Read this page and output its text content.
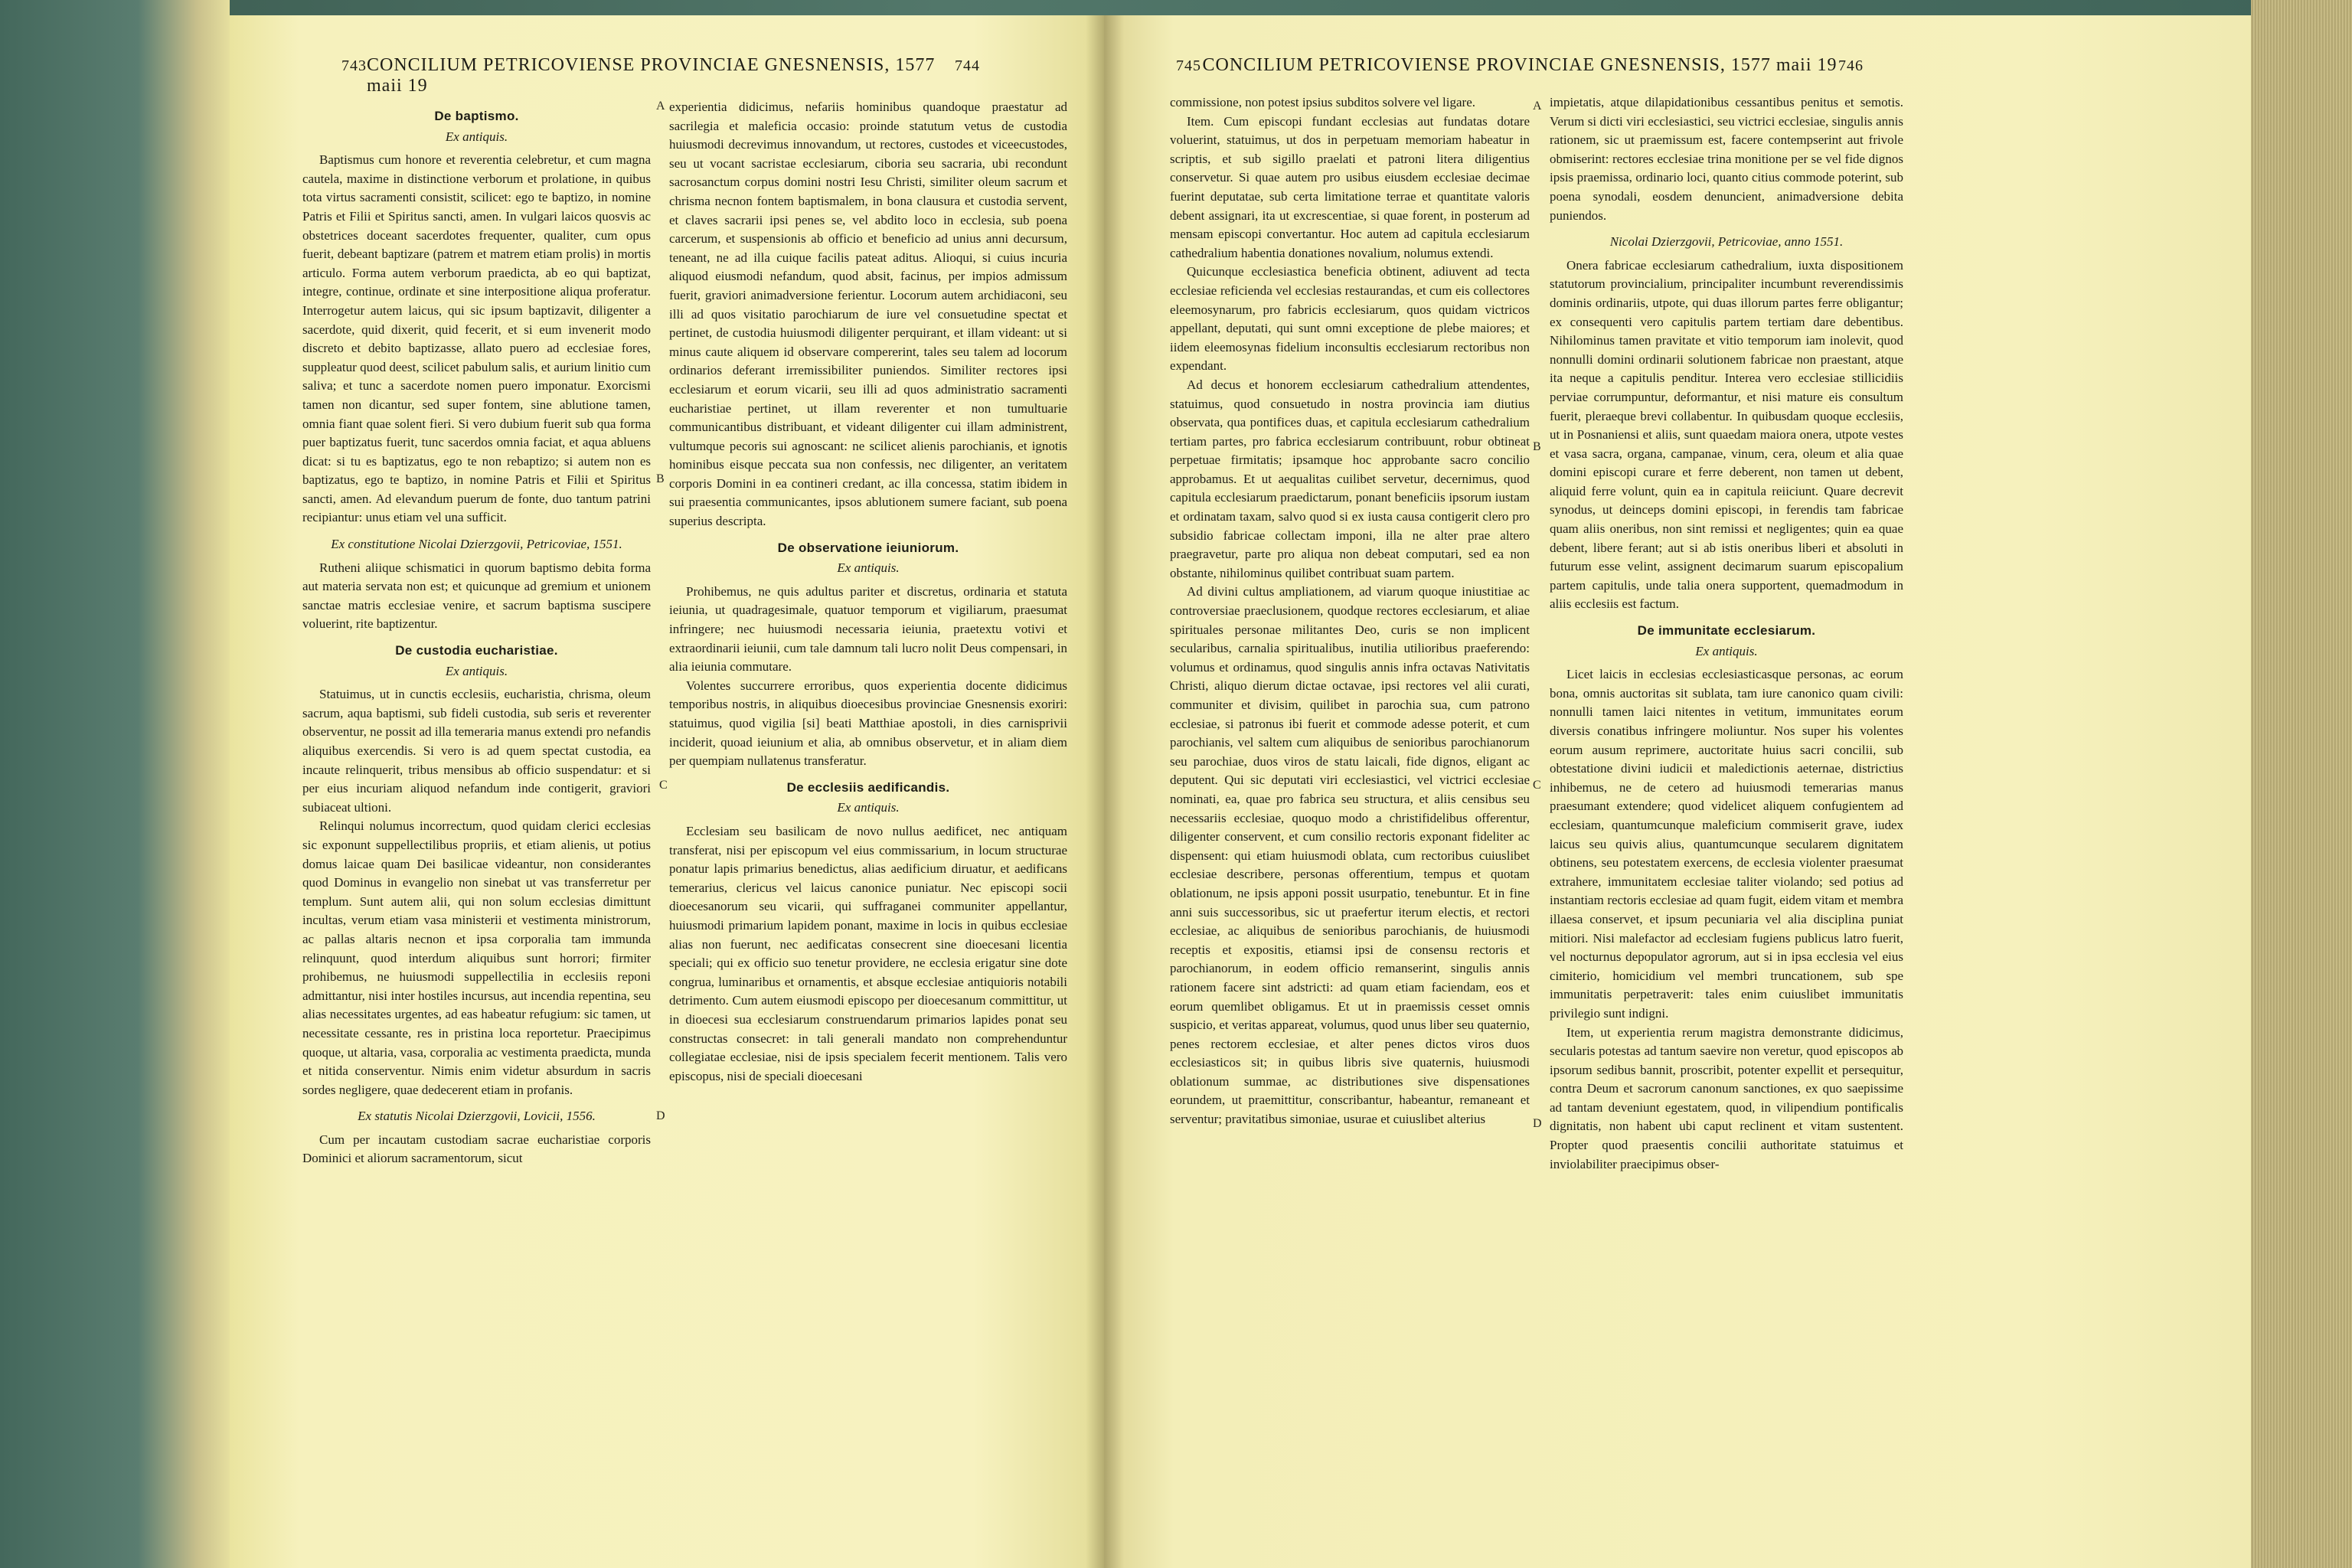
743 CONCILIUM PETRICOVIENSE PROVINCIAE GNESNENSIS, 1577 maii 19
744	745 CONCILIUM PETRICOVIENSE PROVINCIAE GNESNENSIS, 1577 maii 19 746
De baptismo.
Ex antiquis.

Baptismus cum honore et reverentia celebretur, et cum magna cautela, maxime in distinctione verborum et prolatione, in quibus tota virtus sacramenti consistit, scilicet: ego te baptizo, in nomine Patris et Filii et Spiritus sancti, amen. In vulgari laicos quosvis ac obstetrices doceant sacerdotes frequenter, qualiter, cum opus fuerit, debeant baptizare (patrem et matrem etiam prolis) in mortis articulo. Forma autem verborum praedicta, ab eo qui baptizat, integre, continue, ordinate et sine interpositione aliqua proferatur. Interrogetur autem laicus, qui sic ipsum baptizavit, diligenter a sacerdote, quid dixerit, quid fecerit, et si eum invenerit modo discreto et debito baptizasse, allato puero ad ecclesiae fores, suppleatur quod deest, scilicet pabulum salis, et aurium linitio cum saliva; et tunc a sacerdote nomen puero imponatur. Exorcismi tamen non dicantur, sed super fontem, sine ablutione tamen, omnia fiant quae solent fieri. Si vero dubium fuerit sub qua forma puer baptizatus fuerit, tunc sacerdos omnia faciat, et aqua abluens dicat: si tu es baptizatus, ego te non rebaptizo; si autem non es baptizatus, ego te baptizo, in nomine Patris et Filii et Spiritus sancti, amen. Ad elevandum puerum de fonte, duo tantum patrini recipiantur: unus etiam vel una sufficit.

Ex constitutione Nicolai Dzierzgovii, Petricoviae, 1551.

Rutheni aliique schismatici in quorum baptismo debita forma aut materia servata non est; et quicunque ad gremium et unionem sanctae matris ecclesiae venire, et sacrum baptisma suscipere voluerint, rite baptizentur.

De custodia eucharistiae.
Ex antiquis.

Statuimus, ut in cunctis ecclesiis, eucharistia, chrisma, oleum sacrum, aqua baptismi, sub fideli custodia, sub seris et reverenter observentur, ne possit ad illa temeraria manus extendi pro nefandis aliquibus exercendis. Si vero is ad quem spectat custodia, ea incaute relinquerit, tribus mensibus ab officio suspendatur: et si per eius incuriam aliquod nefandum inde contigerit, graviori subiaceat ultioni.

Relinqui nolumus incorrectum, quod quidam clerici ecclesias sic exponunt suppellectilibus propriis, et etiam alienis, ut potius domus laicae quam Dei basilicae videantur, non considerantes quod Dominus in evangelio non sinebat ut vas transferretur per templum. Sunt autem alii, qui non solum ecclesias dimittunt incultas, verum etiam vasa ministerii et vestimenta ministrorum, ac pallas altaris necnon et ipsa corporalia tam immunda relinquunt, quod interdum aliquibus sunt horrori; firmiter prohibemus, ne huiusmodi suppellectilia in ecclesiis reponi admittantur, nisi inter hostiles incursus, aut incendia repentina, seu alias necessitates urgentes, ad eas habeatur refugium: sic tamen, ut necessitate cessante, res in pristina loca reportetur. Praecipimus quoque, ut altaria, vasa, corporalia ac vestimenta praedicta, munda et nitida conserventur. Nimis enim videtur absurdum in sacris sordes negligere, quae dedecerent etiam in profanis.

Ex statutis Nicolai Dzierzgovii, Lovicii, 1556.

Cum per incautam custodiam sacrae eucharistiae corporis Dominici et aliorum sacramentorum, sicut

A
B
C
D

experientia didicimus, nefariis hominibus quandoque praestatur ad sacrilegia et maleficia occasio: proinde statutum vetus de custodia huiusmodi decrevimus innovandum, ut rectores, custodes et viceecustodes, seu ut vocant sacristae ecclesiarum, ciboria seu sacraria, ubi recondunt sacrosanctum corpus domini nostri Iesu Christi, similiter oleum sacrum et chrisma necnon fontem baptismalem, in bona clausura et custodia servent, et claves sacrarii ipsi penes se, vel abdito loco in ecclesia, sub poena carcerum, et suspensionis ab officio et beneficio ad unius anni decursum, teneant, ne ad illa cuique facilis pateat aditus. Alioqui, si cuius incuria aliquod eiusmodi nefandum, quod absit, facinus, per impios admissum fuerit, graviori animadversione ferientur. Locorum autem archidiaconi, seu illi ad quos visitatio parochiarum de iure vel consuetudine spectat et pertinet, de custodia huiusmodi diligenter perquirant, et illam videant: ut si minus caute aliquem id observare compererint, tales seu talem ad locorum ordinarios deferant irremissibiliter puniendos. Similiter rectores ipsi ecclesiarum et eorum vicarii, seu illi ad quos administratio sacramenti eucharistiae pertinet, ut illam reverenter et non tumultuarie communicantibus distribuant, et videant diligenter cui illam administrent, vultumque pecoris sui agnoscant: ne scilicet alienis parochianis, et ignotis hominibus eisque peccata sua non confessis, nec diligenter, an veritatem corporis Domini in ea contineri credant, ac illa concessa, statim ibidem in sui praesentia communicantes, ipsos ablutionem sumere faciant, sub poena superius descripta.

De observatione ieiuniorum.
Ex antiquis.

Prohibemus, ne quis adultus pariter et discretus, ordinaria et statuta ieiunia, ut quadragesimale, quatuor temporum et vigiliarum, praesumat infringere; nec huiusmodi necessaria ieiunia, praetextu votivi et extraordinarii ieiunii, cum tale damnum tali lucro nolit Deus compensari, in alia ieiunia commutare.

Volentes succurrere erroribus, quos experientia docente didicimus temporibus nostris, in aliquibus dioecesibus provinciae Gnesnensis exoriri: statuimus, quod vigilia [si] beati Matthiae apostoli, in dies carnisprivii inciderit, quoad ieiunium et alia, ab omnibus observetur, et in aliam diem per quempiam nullatenus transferatur.

De ecclesiis aedificandis.
Ex antiquis.

Ecclesiam seu basilicam de novo nullus aedificet, nec antiquam transferat, nisi per episcopum vel eius commissarium, in locum structurae ponatur lapis primarius benedictus, alias aedificium diruatur, et aedificans temerarius, clericus vel laicus canonice puniatur. Nec episcopi socii dioecesanorum seu vicarii, qui suffraganei communiter appellantur, huiusmodi primarium lapidem ponant, maxime in locis in quibus ecclesiae alias non fuerunt, nec aedificatas consecrent sine dioecesani licentia speciali; qui ex officio suo tenetur providere, ne ecclesia erigatur sine dote congrua, luminaribus et ornamentis, et absque ecclesiae antiquioris notabili detrimento. Cum autem eiusmodi episcopo per dioecesanum committitur, ut in dioecesi sua ecclesiarum construendarum primarios lapides ponat seu constructas consecret: in tali generali mandato non comprehenduntur collegiatae ecclesiae, nisi de ipsis specialem fecerit mentionem. Talis vero episcopus, nisi de speciali dioecesani

commissione, non potest ipsius subditos solvere vel ligare.

Item. Cum episcopi fundant ecclesias aut fundatas dotare voluerint, statuimus, ut dos in perpetuam memoriam habeatur in scriptis, et sub sigillo praelati et patroni litera diligentius conservetur. Si quae autem pro usibus eiusdem ecclesiae decimae fuerint deputatae, sub certa limitatione terrae et quantitate valoris debent assignari, ita ut excrescentiae, si quae forent, in posterum ad mensam episcopi convertantur. Hoc autem ad capitula ecclesiarum cathedralium habentia donationes novalium, nolumus extendi.

Quicunque ecclesiastica beneficia obtinent, adiuvent ad tecta ecclesiae reficienda vel ecclesias restaurandas, et cum eis collectores eleemosynarum, pro fabricis ecclesiarum, quos quidam victricos appellant, deputati, qui sunt omni exceptione de plebe maiores; et iidem eleemosynas fidelium inconsultis ecclesiarum rectoribus non expendant.

Ad decus et honorem ecclesiarum cathedralium attendentes, statuimus, quod consuetudo in nostra provincia iam diutius observata, qua pontifices duas, et capitula ecclesiarum cathedralium tertiam partes, pro fabrica ecclesiarum contribuunt, robur obtineat perpetuae firmitatis; ipsamque hoc approbante sacro concilio approbamus. Et ut aequalitas cuilibet servetur, decernimus, quod capitula ecclesiarum praedictarum, ponant beneficiis ipsorum iustam et ordinatam taxam, salvo quod si ex iusta causa contigerit clero pro subsidio fabricae collectam imponi, illa ne alter prae altero praegravetur, parte pro aliqua non debeat computari, sed ea non obstante, nihilominus quilibet contribuat suam partem.

Ad divini cultus ampliationem, ad viarum quoque iniustitiae ac controversiae praeclusionem, quodque rectores ecclesiarum, et aliae spirituales personae militantes Deo, curis se non implicent secularibus, carnalia spiritualibus, inutilia utilioribus praeferendo: volumus et ordinamus, quod singulis annis infra octavas Nativitatis Christi, aliquo dierum dictae octavae, ipsi rectores vel alii curati, communiter et divisim, quilibet in parochia sua, cum patrono ecclesiae, si patronus ibi fuerit et commode adesse poterit, et cum parochianis, vel saltem cum aliquibus de senioribus parochianorum seu parochiae, duos viros de statu laicali, fide dignos, eligant ac deputent. Qui sic deputati viri ecclesiastici, vel victrici ecclesiae nominati, ea, quae pro fabrica seu structura, et aliis censibus seu necessariis ecclesiae, quoquo modo a christifidelibus offerentur, diligenter conservent, et cum consilio rectoris exponant fideliter ac dispensent: qui etiam huiusmodi oblata, cum rectoribus cuiuslibet ecclesiae describere, personas offerentium, tempus et quotam oblationum, ne ipsis apponi possit usurpatio, tenebuntur. Et in fine anni suis successoribus, sic ut praefertur iterum electis, et rectori ecclesiae, ac aliquibus de senioribus parochianis, de huiusmodi receptis et expositis, etiamsi ipsi de consensu rectoris et parochianorum, in eodem officio remanserint, singulis annis rationem facere sint adstricti: ad quam etiam faciendam, eos et eorum quemlibet obligamus. Et ut in praemissis cesset omnis suspicio, et veritas appareat, volumus, quod unus liber seu quaternio, penes rectorem ecclesiae, et alter penes dictos viros duos ecclesiasticos sit; in quibus libris sive quaternis, huiusmodi oblationum summae, ac distributiones sive dispensationes eorundem, ut praemittitur, conscribantur, habeantur, remaneant et serventur; pravitatibus simoniae, usurae et cuiuslibet alterius

A
B
C
D

impietatis, atque dilapidationibus cessantibus penitus et semotis. Verum si dicti viri ecclesiastici, seu victrici ecclesiae, singulis annis rationem, sic ut praemissum est, facere contempserint aut frivole obmiserint: rectores ecclesiae trina monitione per se vel fide dignos ipsis praemissa, ordinario loci, quanto citius commode poterint, sub poena synodali, eosdem denuncient, animadversione debita puniendos.

Nicolai Dzierzgovii, Petricoviae, anno 1551.

Onera fabricae ecclesiarum cathedralium, iuxta dispositionem statutorum provincialium, principaliter incumbunt reverendissimis dominis ordinariis, utpote, qui duas illorum partes ferre obligantur; ex consequenti vero capitulis partem tertiam dare debentibus. Nihilominus tamen pravitate et vitio temporum iam inolevit, quod nonnulli domini ordinarii solutionem fabricae non praestant, atque ita neque a capitulis penditur. Interea vero ecclesiae stillicidiis perviae corrumpuntur, deformantur, et nisi mature eis consultum fuerit, pleraeque brevi collabentur. In quibusdam quoque ecclesiis, ut in Posnaniensi et aliis, sunt quaedam maiora onera, utpote vestes et vasa sacra, organa, campanae, vinum, cera, oleum et alia quae domini episcopi curare et ferre deberent, non tamen ut debent, aliquid ferre volunt, quin ea in capitula reiiciunt. Quare decrevit synodus, ut deinceps domini episcopi, in ferendis tam fabricae quam aliis oneribus, non sint remissi et negligentes; quin ea quae debent, libere ferant; aut si ab istis oneribus liberi et absoluti in futurum esse velint, assignent decimarum suarum episcopalium partem capitulis, unde talia onera supportent, quemadmodum in aliis ecclesiis est factum.

De immunitate ecclesiarum.
Ex antiquis.

Licet laicis in ecclesias ecclesiasticasque personas, ac eorum bona, omnis auctoritas sit sublata, tam iure canonico quam civili: nonnulli tamen laici nitentes in vetitum, immunitates eorum diversis conatibus infringere moliuntur. Nos super his volentes eorum ausum reprimere, auctoritate huius sacri concilii, sub obtestatione divini iudicii et maledictionis aeternae, districtius inhibemus, ne de cetero ad huiusmodi temerarias manus praesumant extendere; quod videlicet aliquem confugientem ad ecclesiam, quantumcunque maleficium commiserit grave, iudex laicus seu quivis alius, quantumcunque secularem dignitatem obtinens, seu potestatem exercens, de ecclesia violenter praesumat extrahere, immunitatem ecclesiae taliter violando; sed potius ad instantiam rectoris ecclesiae ad quam fugit, eidem vitam et membra illaesa conservet, et ipsum pecuniaria vel alia disciplina puniat mitiori. Nisi malefactor ad ecclesiam fugiens publicus latro fuerit, vel nocturnus depopulator agrorum, aut si in ipsa ecclesia vel eius cimiterio, homicidium vel membri truncationem, sub spe immunitatis perpetraverit: tales enim cuiuslibet immunitatis privilegio sunt indigni.

Item, ut experientia rerum magistra demonstrante didicimus, secularis potestas ad tantum saevire non veretur, quod episcopos ab ipsorum sedibus bannit, proscribit, potenter expellit et persequitur, contra Deum et sacrorum canonum sanctiones, ex quo saepissime ad tantam deveniunt egestatem, quod, in vilipendium pontificalis dignitatis, non habent ubi caput reclinent et vitam sustentent. Propter quod praesentis concilii authoritate statuimus et inviolabiliter praecipimus obser-
